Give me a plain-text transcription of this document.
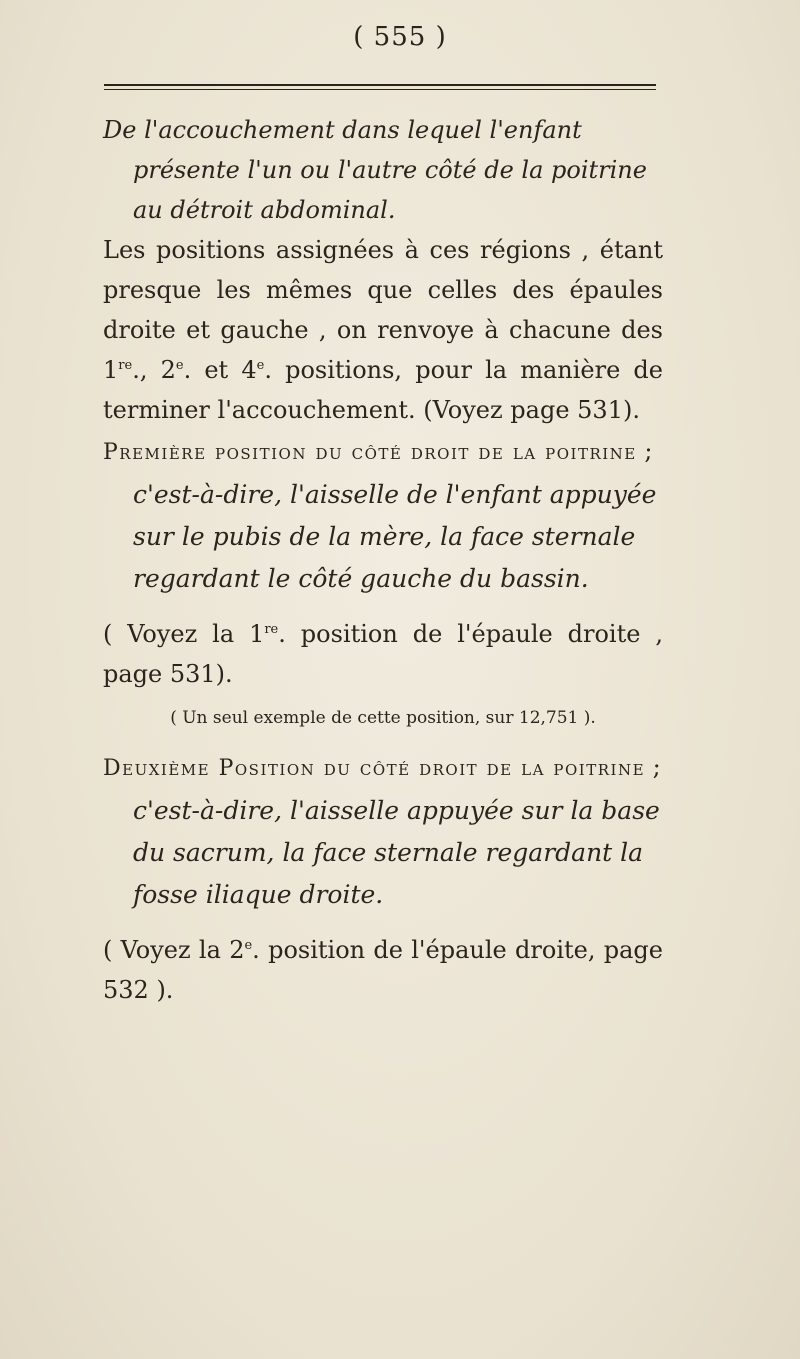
( 555 )

De l'accouchement dans lequel l'enfant présente l'un ou l'autre côté de la poitrine au détroit abdominal.

Les positions assignées à ces régions , étant presque les mêmes que celles des épaules droite et gauche , on renvoye à chacune des 1re., 2e. et 4e. positions, pour la manière de terminer l'accouchement. (Voyez page 531).

Première position du côté droit de la poitrine ; c'est-à-dire, l'aisselle de l'enfant appuyée sur le pubis de la mère, la face sternale regardant le côté gauche du bassin.

( Voyez la 1re. position de l'épaule droite , page 531).

( Un seul exemple de cette position, sur 12,751 ).

Deuxième Position du côté droit de la poitrine ; c'est-à-dire, l'aisselle appuyée sur la base du sacrum, la face sternale regardant la fosse iliaque droite.

( Voyez la 2e. position de l'épaule droite, page 532 ).
